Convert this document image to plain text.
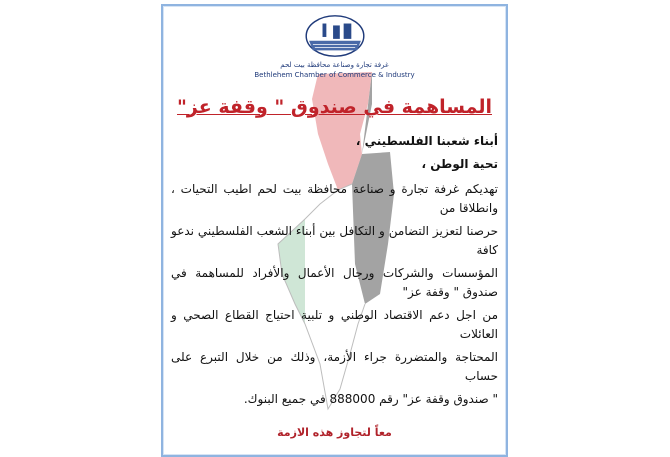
غرفة تجارة وصناعة محافظة بيت لحم
Bethlehem Chamber of Commerce & Industry
المساهمة في صندوق " وقفة عز"
أبناء شعبنا الفلسطيني ،
تحية الوطن ،
تهديكم غرفة تجارة و صناعة محافظة بيت لحم اطيب التحيات ، وانطلاقا من
حرصنا لتعزيز التضامن و التكافل بين أبناء الشعب الفلسطيني ندعو كافة
المؤسسات والشركات ورجال الأعمال والأفراد للمساهمة في صندوق " وقفة عز"
من اجل دعم الاقتصاد الوطني و تلبية احتياج القطاع الصحي و العائلات
المحتاجة والمتضررة جراء الأزمة، وذلك من خلال التبرع على حساب
" صندوق وقفة عز" رقم 888000 في جميع البنوك.
معاً لتجاوز هذه الازمة
